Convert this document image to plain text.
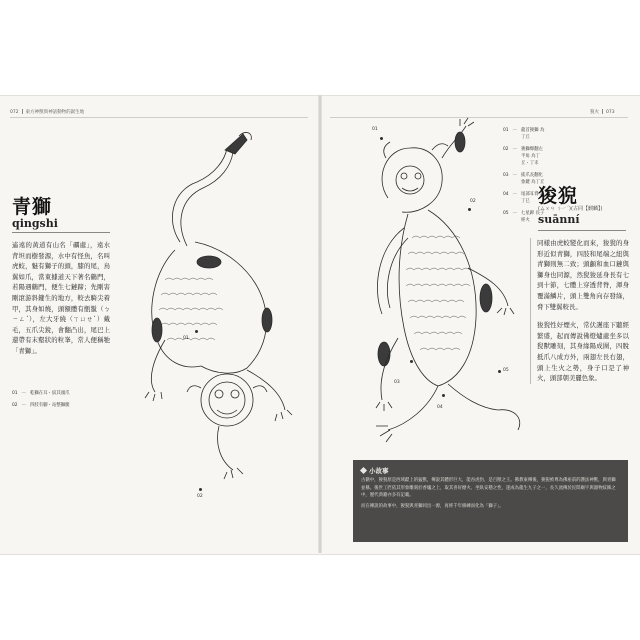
072 東方神獸與神話動物的誕生地
青獅
qingshi
遙遠的黃道有山名「礪處」，遠水背坦而樹發源，水中有怪魚，名叫虎蛟，魅有獅子的頭，膝的尾，鳥翼如爪，當東據道天下著名鶴門，若陽遇鶴門，便生七鏈蹄；先剛害剛滾游斜鍵生的地方，較去騎尖着甲，其身如燒，頭額體有甑鬣（ㄅㄧㄥˊ），左大牙繞（ㄒㄩㄝˋ）戴毛，五爪尖銳，會翻凸出，尾巴上還帶有末壑狀的粒峯，常人便稱牠「青獅」。
01 — 乾獅在耳・紋其頭爪
02 — 四肢有腳・站整獅腿
01
02
猊火 073
狻猊
(ムㄨㄢ ㄋㄧˊ)(古同【麒麟】)
suānní
同樣由虎蛟變化而來，狻猊的身形近似青獅，四肢和尾端之紐與青獅則無二致；頭顱和血口鏈與獅身也同源，然猊狻延身長有七到十節，七體上穿透背脊，渾身覆滿鱗片，頭上雙角向存發綠，脅下雙翼較長。
狻猊性好煙火，常伏護座下聽經繁盛，起而傳說佛燈爐處坐多以猊獸雕刻，其身緣陽成圍，四脫抵爪八成方外，兩翅左長右翅，頭上生火之勢，身子口是了神火，頭部朝美麗色象。
01 — 龍首狻獅 為丁丘
02 — 狻獅爆翻左半角 為丁丘・丁未
03 — 搖爪長翻化象鍵 為丁丘
04 — 尾部耳脅 為丁巳
05 — 七星蹄 長子經火
01
02
03
04
05
小故事

古籍中，狻猊原是西域獻上的猛獸，傳說其體形巨大，能吞虎豹，是百獸之王。佛教東傳後，狻猊被尊為佛座前的護法神獸，與青獅並稱。後世工匠依其形象雕刻於香爐之上，取其喜好煙火、坐臥安穩之性，遂成為龍生九子之一，長久流傳於民間廟宇與器物紋飾之中，歷代典籍亦多有記載。

而在傳說的故事中，狻猊與青獅同出一源，再經千年修練而化為「獅子」。
